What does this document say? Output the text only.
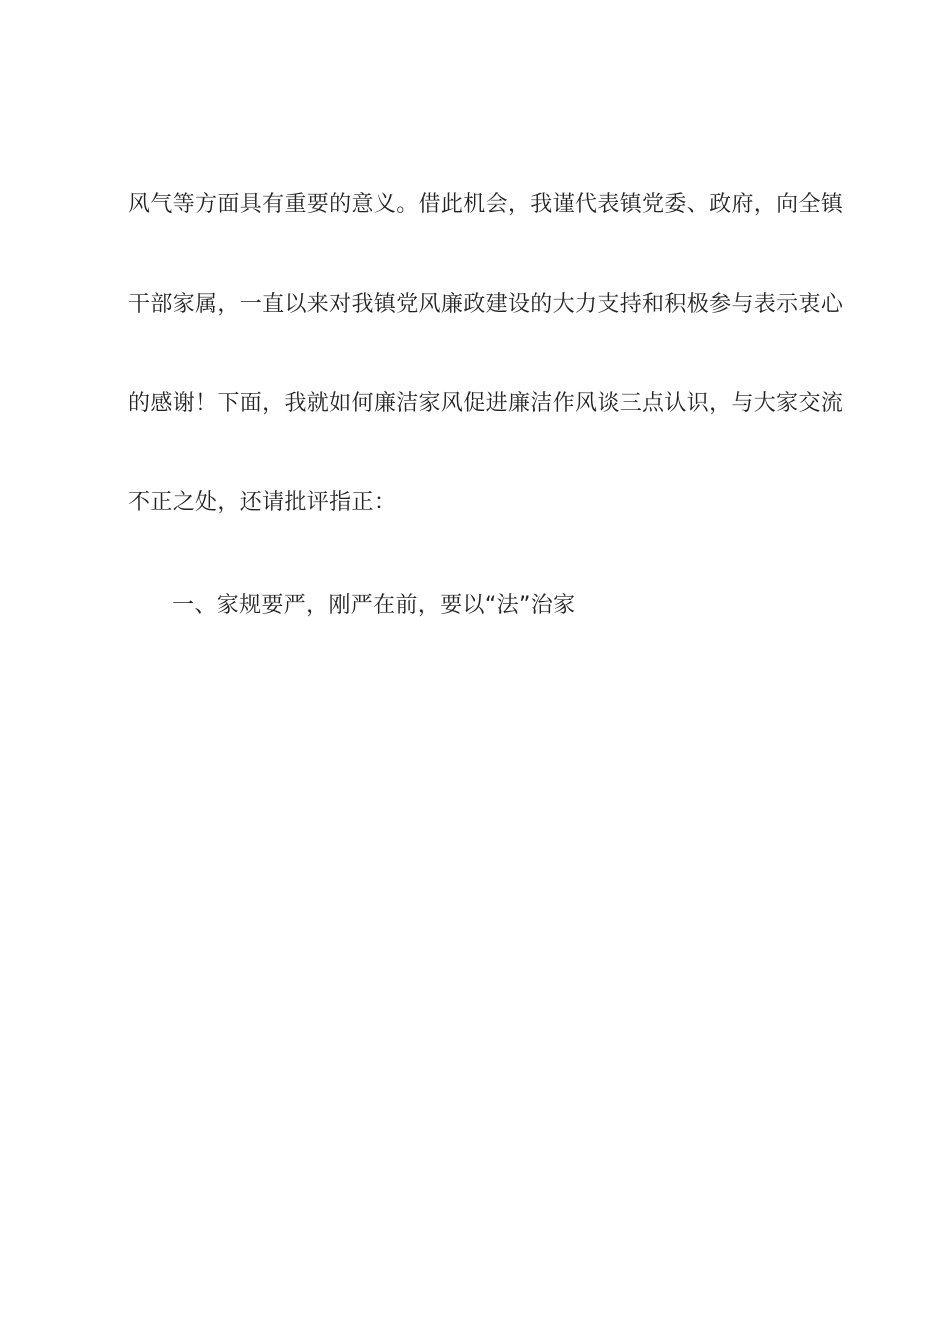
风气等方面具有重要的意义。借此机会，我谨代表镇党委、政府，向全镇
干部家属，一直以来对我镇党风廉政建设的大力支持和积极参与表示衷心
的感谢！下面，我就如何廉洁家风促进廉洁作风谈三点认识，与大家交流
不正之处，还请批评指正：
一、家规要严，刚严在前，要以“法”治家
